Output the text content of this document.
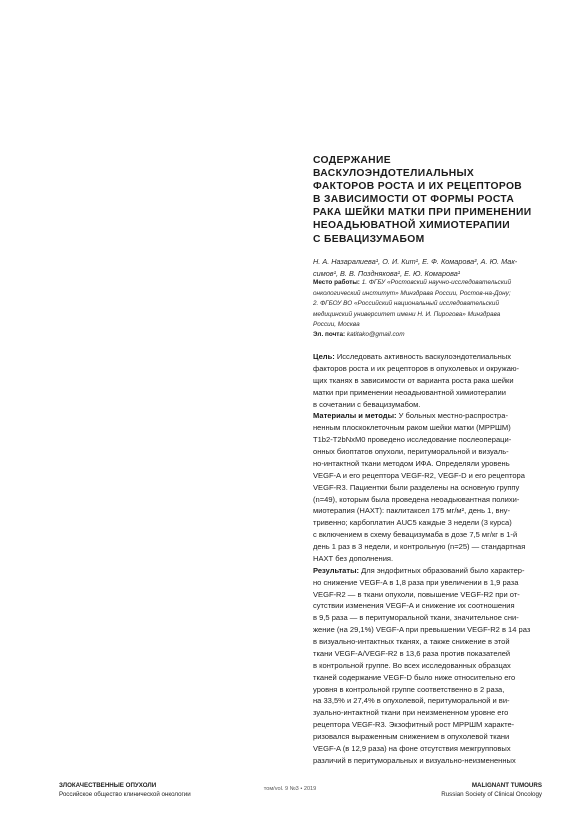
СОДЕРЖАНИЕ
ВАСКУЛОЭНДОТЕЛИАЛЬНЫХ
ФАКТОРОВ РОСТА И ИХ РЕЦЕПТОРОВ
В ЗАВИСИМОСТИ ОТ ФОРМЫ РОСТА
РАКА ШЕЙКИ МАТКИ ПРИ ПРИМЕНЕНИИ
НЕОАДЬЮВАТНОЙ ХИМИОТЕРАПИИ
С БЕВАЦИЗУМАБОМ
Н. А. Назаралиева¹, О. И. Кит¹, Е. Ф. Комарова², А. Ю. Мак-
симов¹, В. В. Позднякова¹, Е. Ю. Комарова¹
Место работы: 1. ФГБУ «Ростовский научно-исследовательский
онкологический институт» Минздрава России, Ростов-на-Дону;
2. ФГБОУ ВО «Российский национальный исследовательский
медицинский университет имени Н. И. Пирогова» Минздрава
России, Москва
Эл. почта: katitako@gmail.com
Цель: Исследовать активность васкулоэндотелиальных
факторов роста и их рецепторов в опухолевых и окружаю-
щих тканях в зависимости от варианта роста рака шейки
матки при применении неоадьювантной химиотерапии
в сочетании с бевацизумабом.
Материалы и методы: У больных местно-распростра-
ненным плоскоклеточным раком шейки матки (МРРШМ)
T1b2-T2bNxM0 проведено исследование послеопераци-
онных биоптатов опухоли, перитуморальной и визуаль-
но-интактной ткани методом ИФА. Определяли уровень
VEGF-A и его рецептора VEGF-R2, VEGF-D и его рецептора
VEGF-R3. Пациентки были разделены на основную группу
(n=49), которым была проведена неоадьювантная полихи-
миотерапия (НАХТ): паклитаксел 175 мг/м², день 1, вну-
тривенно; карбоплатин AUC5 каждые 3 недели (3 курса)
с включением в схему бевацизумаба в дозе 7,5 мг/кг в 1-й
день 1 раз в 3 недели, и контрольную (n=25) — стандартная
НАХТ без дополнения.
Результаты: Для эндофитных образований было характер-
но снижение VEGF-A в 1,8 раза при увеличении в 1,9 раза
VEGF-R2 — в ткани опухоли, повышение VEGF-R2 при от-
сутствии изменения VEGF-A и снижение их соотношения
в 9,5 раза — в перитуморальной ткани, значительное сни-
жение (на 29,1%) VEGF-A при превышении VEGF-R2 в 14 раз
в визуально-интактных тканях, а также снижение в этой
ткани VEGF-A/VEGF-R2 в 13,6 раза против показателей
в контрольной группе. Во всех исследованных образцах
тканей содержание VEGF-D было ниже относительно его
уровня в контрольной группе соответственно в 2 раза,
на 33,5% и 27,4% в опухолевой, перитуморальной и ви-
зуально-интактной ткани при неизмененном уровне его
рецептора VEGF-R3. Экзофитный рост МРРШМ характе-
ризовался выраженным снижением в опухолевой ткани
VEGF-A (в 12,9 раза) на фоне отсутствия межгрупповых
различий в перитуморальных и визуально-неизмененных
ЗЛОКАЧЕСТВЕННЫЕ ОПУХОЛИ
Российское общество клинической онкологии
том/vol. 9 №3 • 2019	MALIGNANT TUMOURS
Russian Society of Clinical Oncology
